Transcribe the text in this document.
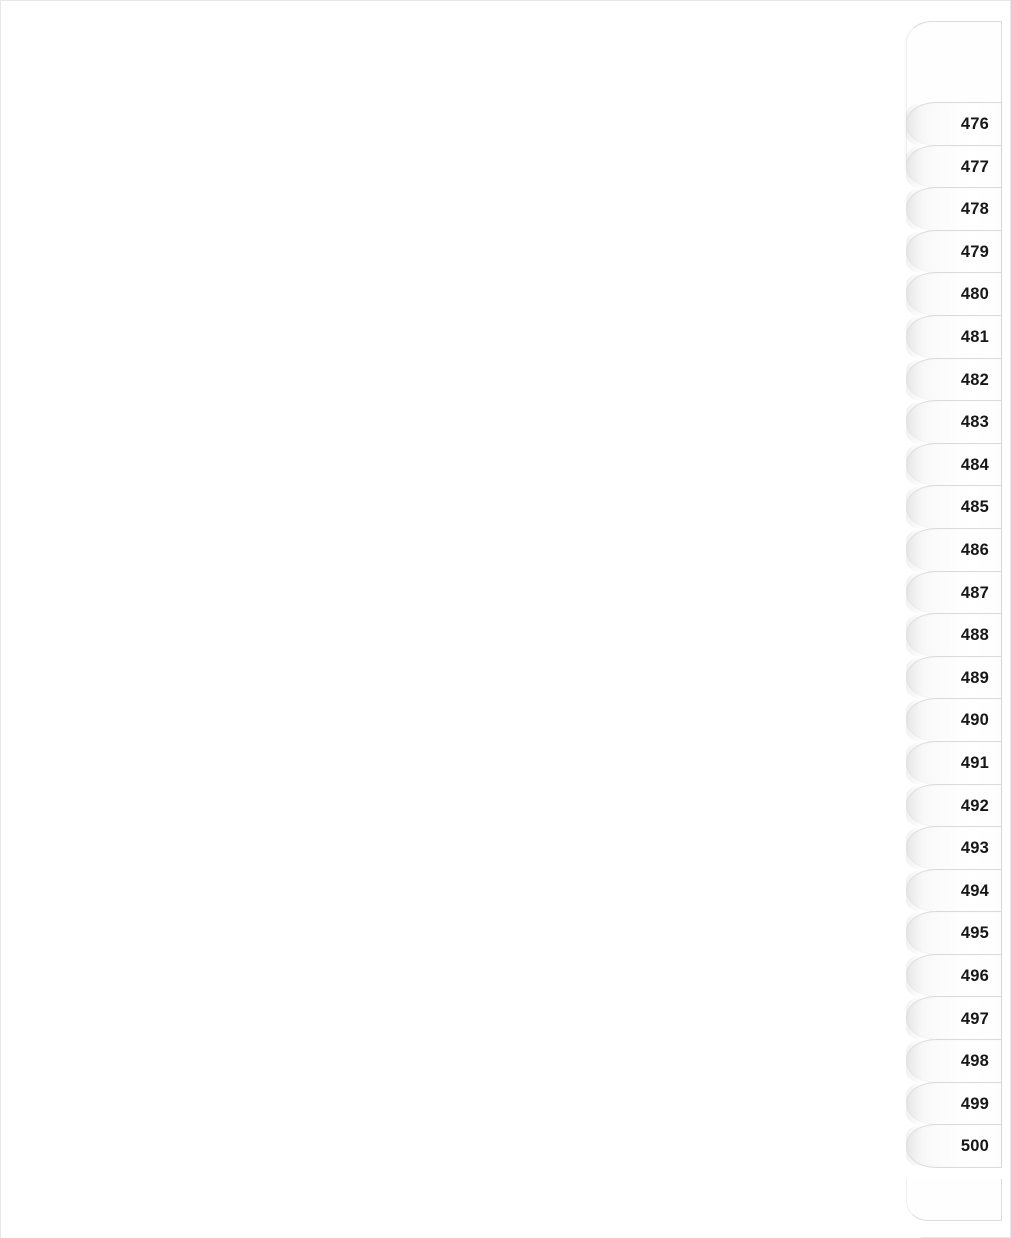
476
477
478
479
480
481
482
483
484
485
486
487
488
489
490
491
492
493
494
495
496
497
498
499
500
